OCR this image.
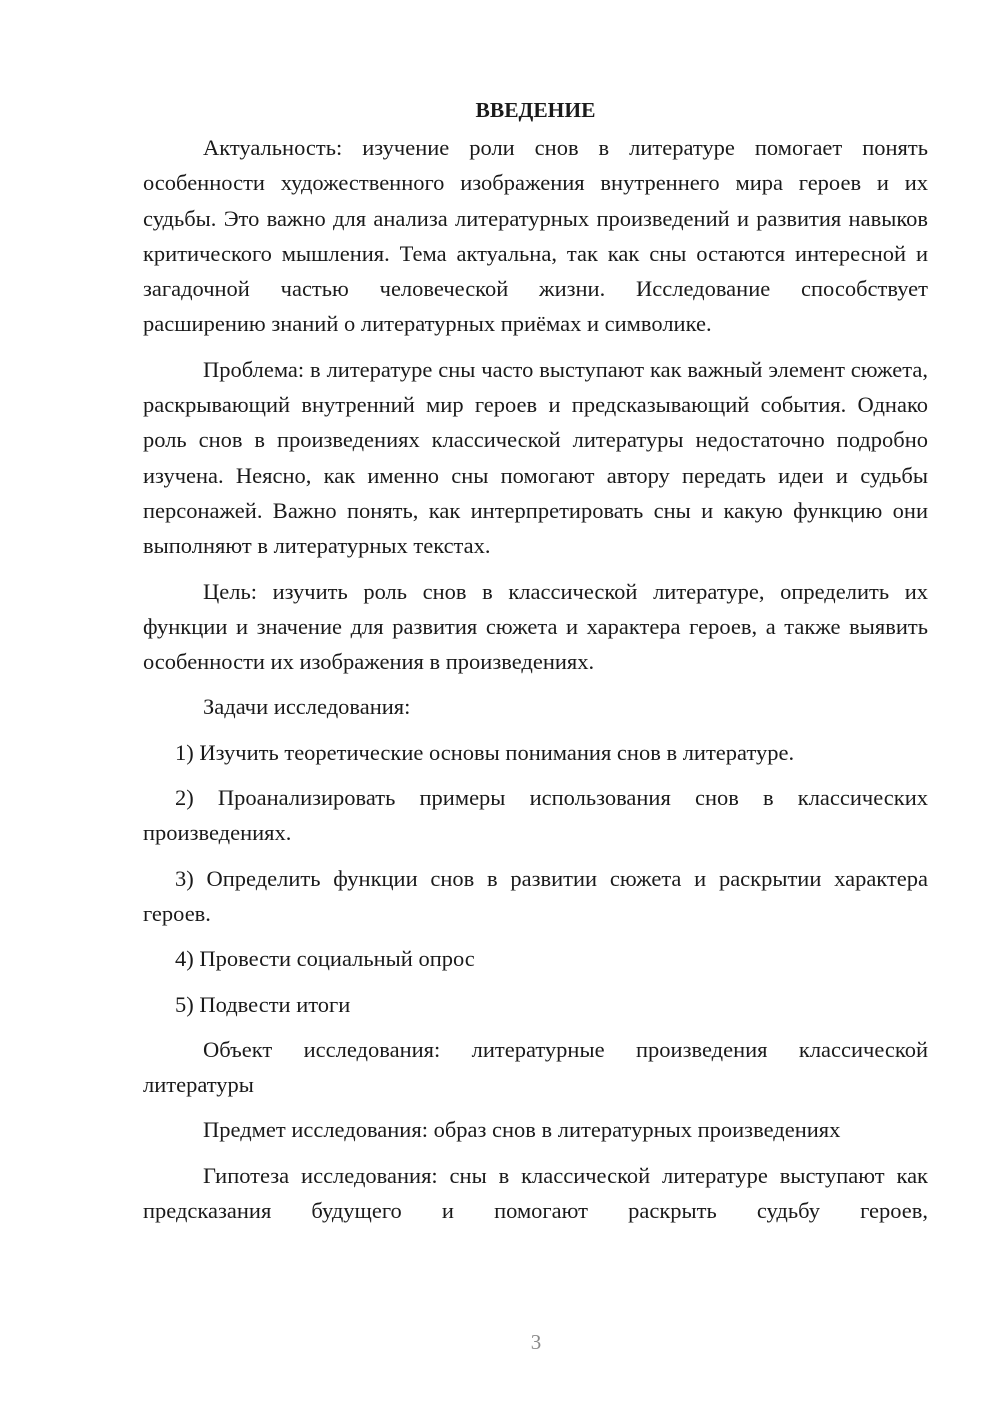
ВВЕДЕНИЕ

Актуальность: изучение роли снов в литературе помогает понять особенности художественного изображения внутреннего мира героев и их судьбы. Это важно для анализа литературных произведений и развития навыков критического мышления. Тема актуальна, так как сны остаются интересной и загадочной частью человеческой жизни. Исследование способствует расширению знаний о литературных приёмах и символике.

Проблема: в литературе сны часто выступают как важный элемент сюжета, раскрывающий внутренний мир героев и предсказывающий события. Однако роль снов в произведениях классической литературы недостаточно подробно изучена. Неясно, как именно сны помогают автору передать идеи и судьбы персонажей. Важно понять, как интерпретировать сны и какую функцию они выполняют в литературных текстах.

Цель: изучить роль снов в классической литературе, определить их функции и значение для развития сюжета и характера героев, а также выявить особенности их изображения в произведениях.

Задачи исследования:

1) Изучить теоретические основы понимания снов в литературе.

2) Проанализировать примеры использования снов в классических произведениях.

3) Определить функции снов в развитии сюжета и раскрытии характера героев.

4) Провести социальный опрос

5) Подвести итоги

Объект исследования: литературные произведения классической литературы

Предмет исследования: образ снов в литературных произведениях

Гипотеза исследования: сны в классической литературе выступают как предсказания будущего и помогают раскрыть судьбу героев,

3
